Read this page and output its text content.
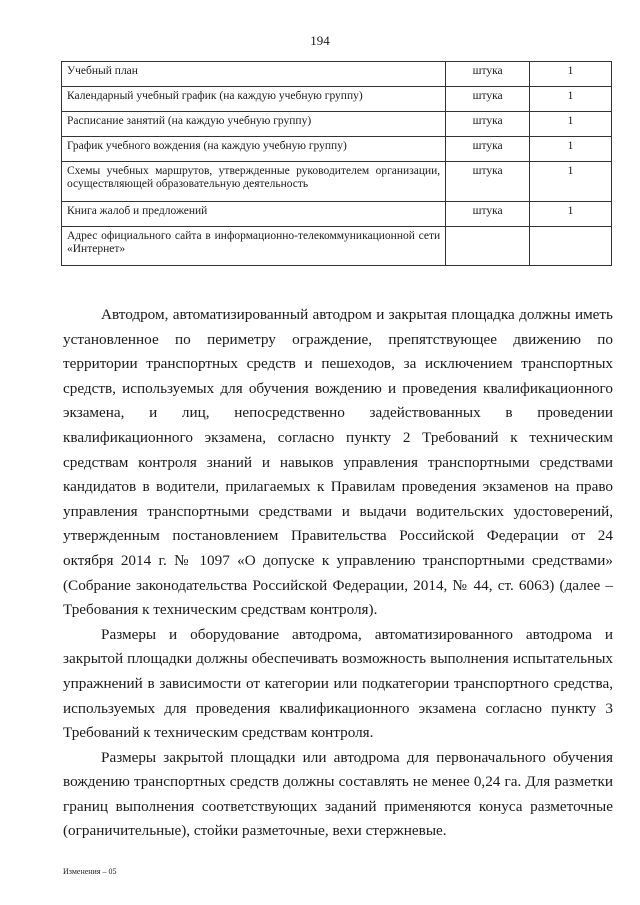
194
Учебный план	штука	1
Календарный учебный график (на каждую учебную группу)	штука	1
Расписание занятий (на каждую учебную группу)	штука	1
График учебного вождения (на каждую учебную группу)	штука	1
Схемы учебных маршрутов, утвержденные руководителем организации, осуществляющей образовательную деятельность	штука	1
Книга жалоб и предложений	штука	1
Адрес официального сайта в информационно-телекоммуникационной сети «Интернет»		

Автодром, автоматизированный автодром и закрытая площадка должны иметь установленное по периметру ограждение, препятствующее движению по территории транспортных средств и пешеходов, за исключением транспортных средств, используемых для обучения вождению и проведения квалификационного экзамена, и лиц, непосредственно задействованных в проведении квалификационного экзамена, согласно пункту 2 Требований к техническим средствам контроля знаний и навыков управления транспортными средствами кандидатов в водители, прилагаемых к Правилам проведения экзаменов на право управления транспортными средствами и выдачи водительских удостоверений, утвержденным постановлением Правительства Российской Федерации от 24 октября 2014 г. № 1097 «О допуске к управлению транспортными средствами» (Собрание законодательства Российской Федерации, 2014, № 44, ст. 6063) (далее – Требования к техническим средствам контроля).

Размеры и оборудование автодрома, автоматизированного автодрома и закрытой площадки должны обеспечивать возможность выполнения испытательных упражнений в зависимости от категории или подкатегории транспортного средства, используемых для проведения квалификационного экзамена согласно пункту 3 Требований к техническим средствам контроля.

Размеры закрытой площадки или автодрома для первоначального обучения вождению транспортных средств должны составлять не менее 0,24 га. Для разметки границ выполнения соответствующих заданий применяются конуса разметочные (ограничительные), стойки разметочные, вехи стержневые.

Изменения – 05
